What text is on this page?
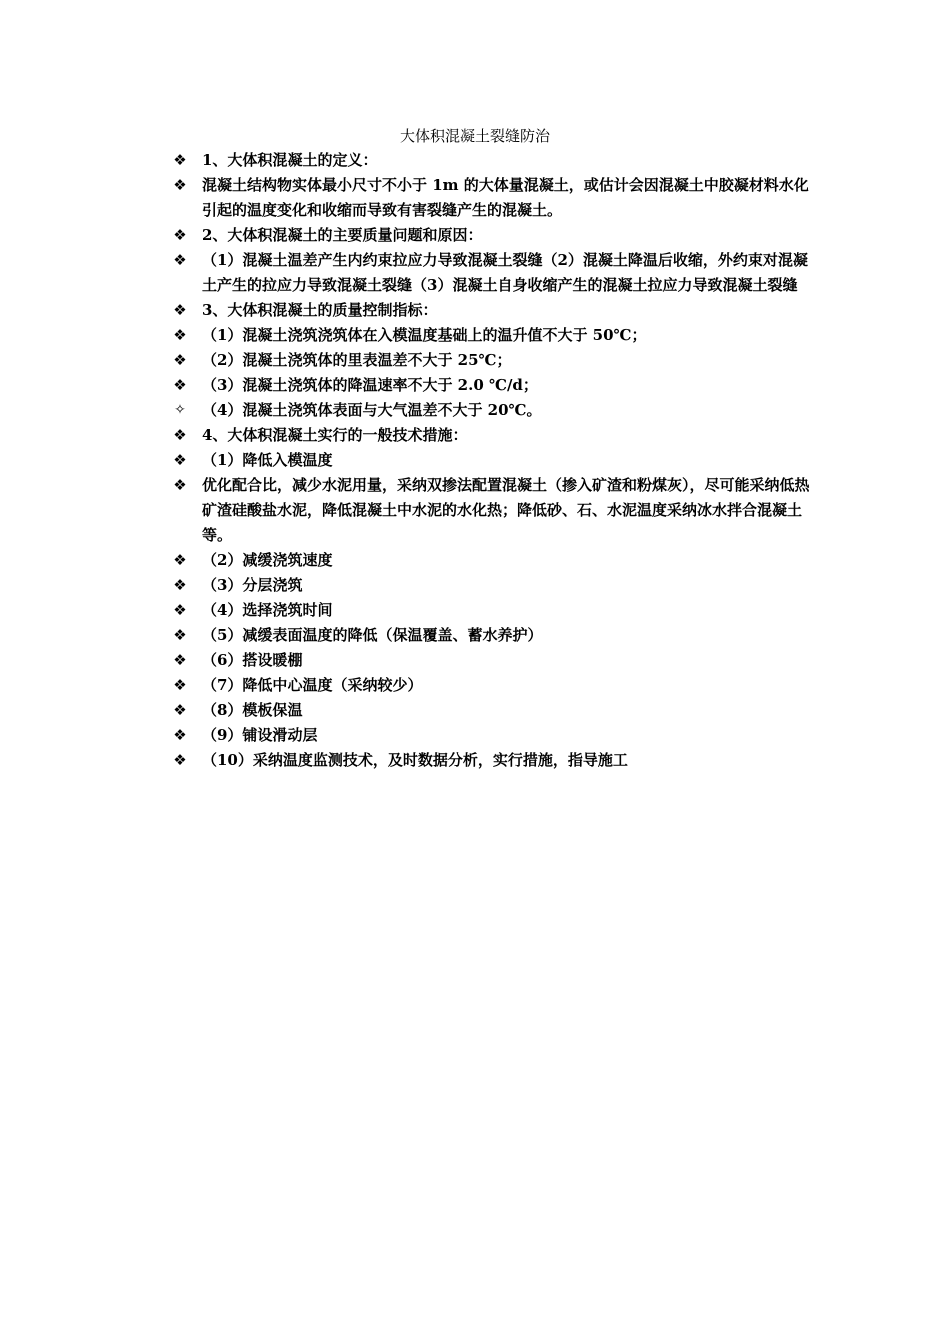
大体积混凝土裂缝防治
❖ 1、大体积混凝土的定义：
❖ 混凝土结构物实体最小尺寸不小于 1m 的大体量混凝土，或估计会因混凝土中胶凝材料水化引起的温度变化和收缩而导致有害裂缝产生的混凝土。
❖ 2、大体积混凝土的主要质量问题和原因：
❖ （1）混凝土温差产生内约束拉应力导致混凝土裂缝（2）混凝土降温后收缩，外约束对混凝土产生的拉应力导致混凝土裂缝（3）混凝土自身收缩产生的混凝土拉应力导致混凝土裂缝
❖ 3、大体积混凝土的质量控制指标：
❖ （1）混凝土浇筑浇筑体在入模温度基础上的温升值不大于 50℃；
❖ （2）混凝土浇筑体的里表温差不大于 25℃；
❖ （3）混凝土浇筑体的降温速率不大于 2.0 ℃/d；
✧ （4）混凝土浇筑体表面与大气温差不大于 20℃。
❖ 4、大体积混凝土实行的一般技术措施：
❖ （1）降低入模温度
❖ 优化配合比，减少水泥用量，采纳双掺法配置混凝土（掺入矿渣和粉煤灰），尽可能采纳低热矿渣硅酸盐水泥，降低混凝土中水泥的水化热；降低砂、石、水泥温度采纳冰水拌合混凝土等。
❖ （2）减缓浇筑速度
❖ （3）分层浇筑
❖ （4）选择浇筑时间
❖ （5）减缓表面温度的降低（保温覆盖、蓄水养护）
❖ （6）搭设暖棚
❖ （7）降低中心温度（采纳较少）
❖ （8）模板保温
❖ （9）铺设滑动层
❖ （10）采纳温度监测技术，及时数据分析，实行措施，指导施工
